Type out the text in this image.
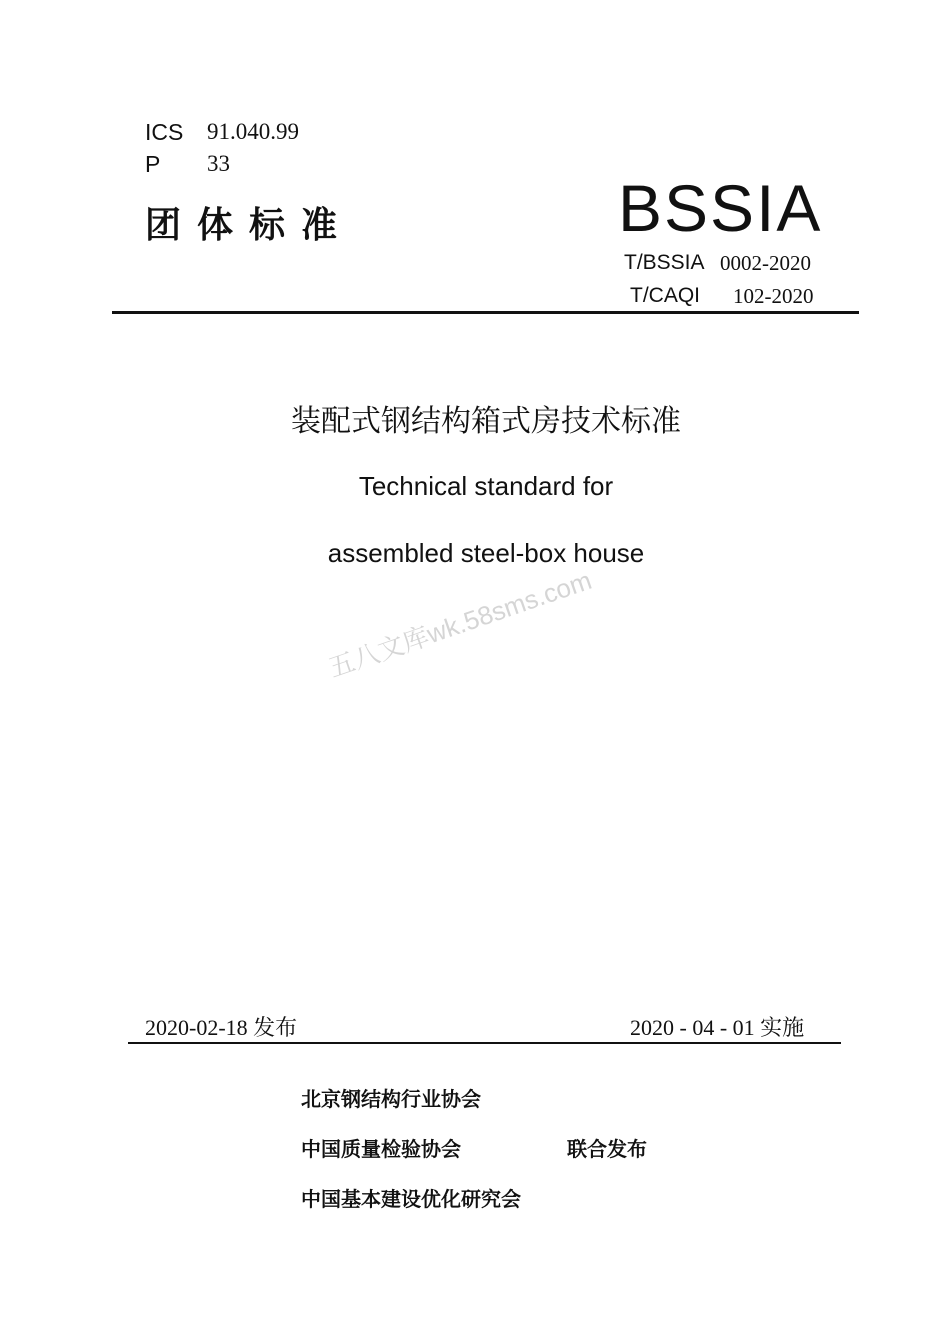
ICS 91.040.99
P 33
团体标准	BSSIA
T/BSSIA 0002-2020
T/CAQI 102-2020
装配式钢结构箱式房技术标准
Technical standard for
assembled steel-box house
五八文库wk.58sms.com
2020-02-18 发布	2020 - 04 - 01 实施
北京钢结构行业协会
中国质量检验协会
中国基本建设优化研究会
联合发布
